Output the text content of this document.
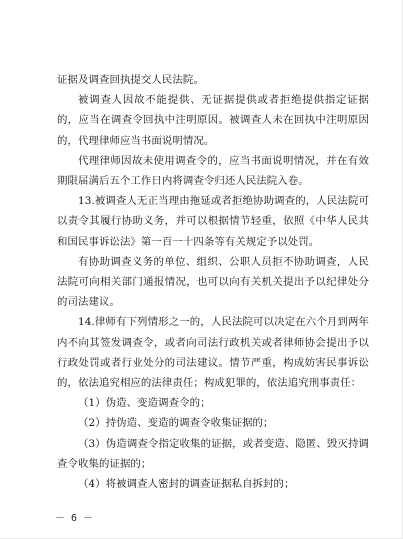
证据及调查回执提交人民法院。

被调查人因故不能提供、无证据提供或者拒绝提供指定证据的，应当在调查令回执中注明原因。被调查人未在回执中注明原因的，代理律师应当书面说明情况。

代理律师因故未使用调查令的，应当书面说明情况，并在有效期限届满后五个工作日内将调查令归还人民法院入卷。

13.被调查人无正当理由拖延或者拒绝协助调查的，人民法院可以责令其履行协助义务，并可以根据情节轻重，依照《中华人民共和国民事诉讼法》第一百一十四条等有关规定予以处罚。

有协助调查义务的单位、组织、公职人员拒不协助调查，人民法院可向相关部门通报情况，也可以向有关机关提出予以纪律处分的司法建议。

14.律师有下列情形之一的，人民法院可以决定在六个月到两年内不向其签发调查令，或者向司法行政机关或者律师协会提出予以行政处罚或者行业处分的司法建议。情节严重，构成妨害民事诉讼的，依法追究相应的法律责任；构成犯罪的，依法追究刑事责任：

（1）伪造、变造调查令的；

（2）持伪造、变造的调查令收集证据的；

（3）伪造调查令指定收集的证据，或者变造、隐匿、毁灭持调查令收集的证据的；

（4）将被调查人密封的调查证据私自拆封的；

－ 6 －
